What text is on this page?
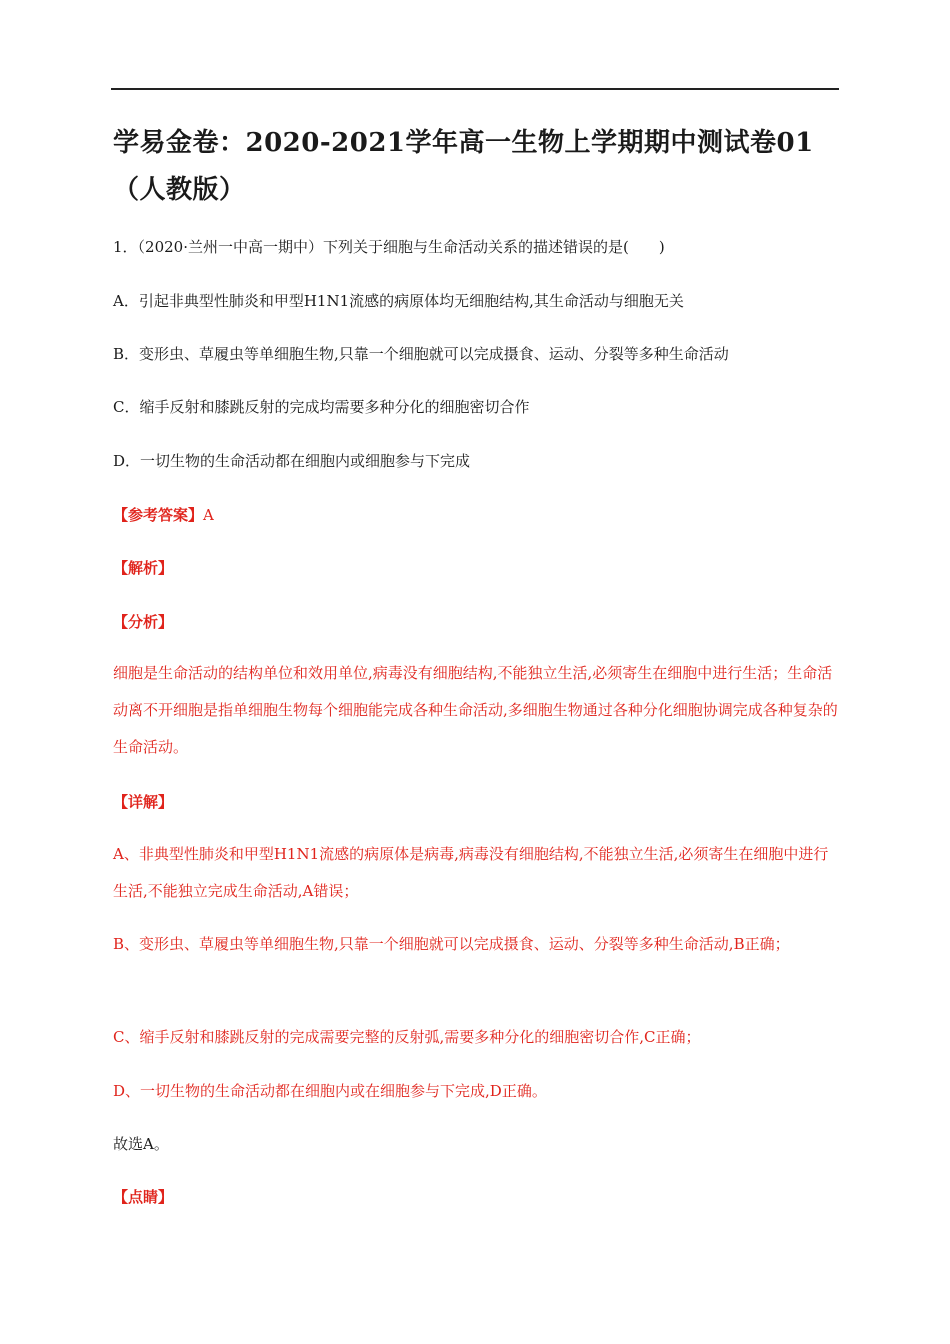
学易金卷：2020-2021学年高一生物上学期期中测试卷01（人教版）
1．（2020·兰州一中高一期中）下列关于细胞与生命活动关系的描述错误的是(　　)
A．引起非典型性肺炎和甲型H1N1流感的病原体均无细胞结构,其生命活动与细胞无关
B．变形虫、草履虫等单细胞生物,只靠一个细胞就可以完成摄食、运动、分裂等多种生命活动
C．缩手反射和膝跳反射的完成均需要多种分化的细胞密切合作
D．一切生物的生命活动都在细胞内或细胞参与下完成
【参考答案】A
【解析】
【分析】
细胞是生命活动的结构单位和效用单位,病毒没有细胞结构,不能独立生活,必须寄生在细胞中进行生活；生命活动离不开细胞是指单细胞生物每个细胞能完成各种生命活动,多细胞生物通过各种分化细胞协调完成各种复杂的生命活动。
【详解】
A、非典型性肺炎和甲型H1N1流感的病原体是病毒,病毒没有细胞结构,不能独立生活,必须寄生在细胞中进行生活,不能独立完成生命活动,A错误；
B、变形虫、草履虫等单细胞生物,只靠一个细胞就可以完成摄食、运动、分裂等多种生命活动,B正确；
C、缩手反射和膝跳反射的完成需要完整的反射弧,需要多种分化的细胞密切合作,C正确；
D、一切生物的生命活动都在细胞内或在细胞参与下完成,D正确。
故选A。
【点睛】
